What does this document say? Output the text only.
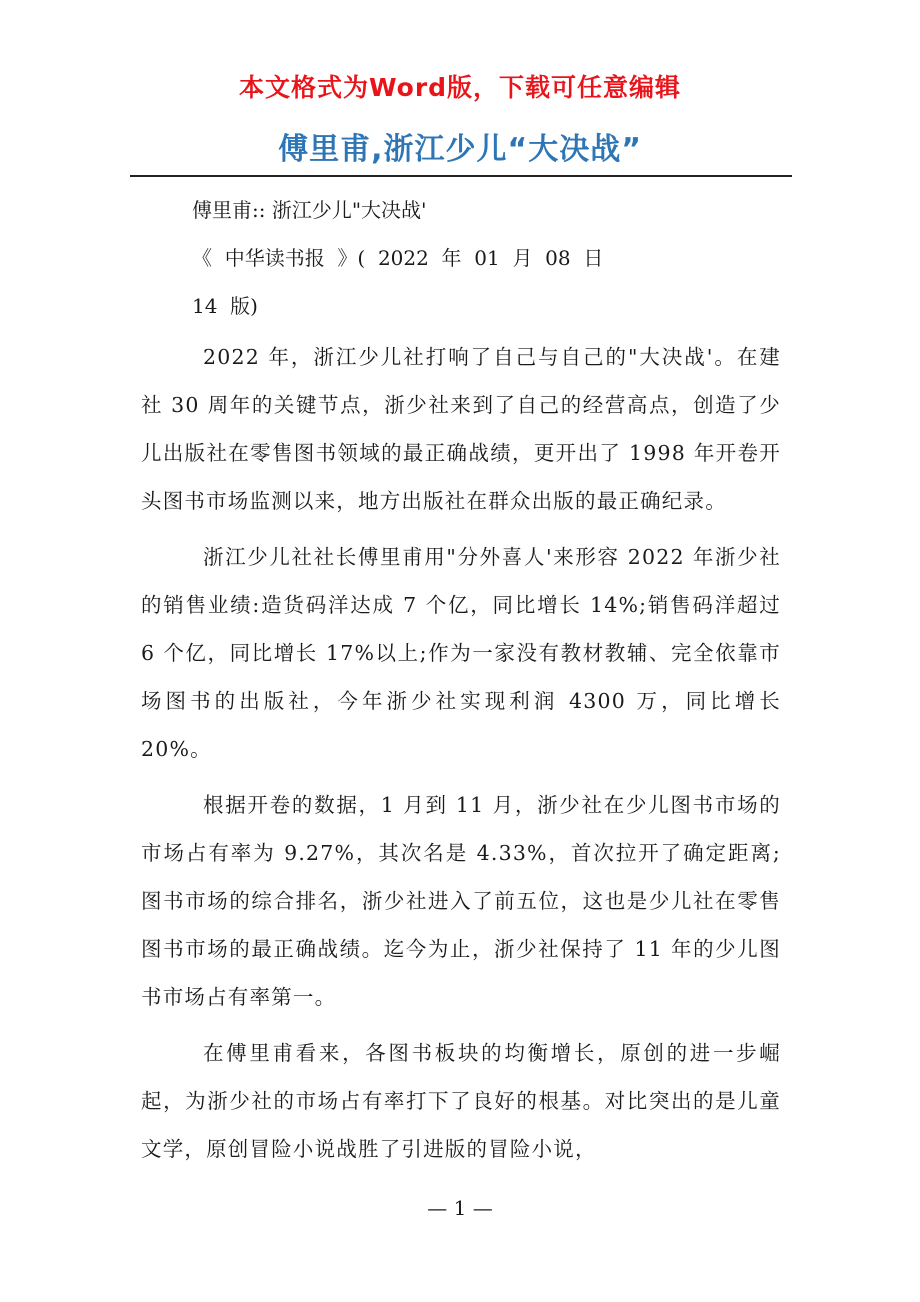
本文格式为Word版，下载可任意编辑
傅里甫,浙江少儿“大决战”
傅里甫:: 浙江少儿"大决战'
《  中华读书报  》(  2022  年  01  月  08  日
14  版)

2022 年，浙江少儿社打响了自己与自己的"大决战'。在建社 30 周年的关键节点，浙少社来到了自己的经营高点，创造了少儿出版社在零售图书领域的最正确战绩，更开出了 1998 年开卷开头图书市场监测以来，地方出版社在群众出版的最正确纪录。

浙江少儿社社长傅里甫用"分外喜人'来形容 2022 年浙少社的销售业绩:造货码洋达成 7 个亿，同比增长 14%;销售码洋超过 6 个亿，同比增长 17%以上;作为一家没有教材教辅、完全依靠市场图书的出版社，今年浙少社实现利润 4300 万，同比增长 20%。

根据开卷的数据，1 月到 11 月，浙少社在少儿图书市场的市场占有率为 9.27%，其次名是 4.33%，首次拉开了确定距离;图书市场的综合排名，浙少社进入了前五位，这也是少儿社在零售图书市场的最正确战绩。迄今为止，浙少社保持了 11 年的少儿图书市场占有率第一。

在傅里甫看来，各图书板块的均衡增长，原创的进一步崛起，为浙少社的市场占有率打下了良好的根基。对比突出的是儿童文学，原创冒险小说战胜了引进版的冒险小说，

— 1 —
